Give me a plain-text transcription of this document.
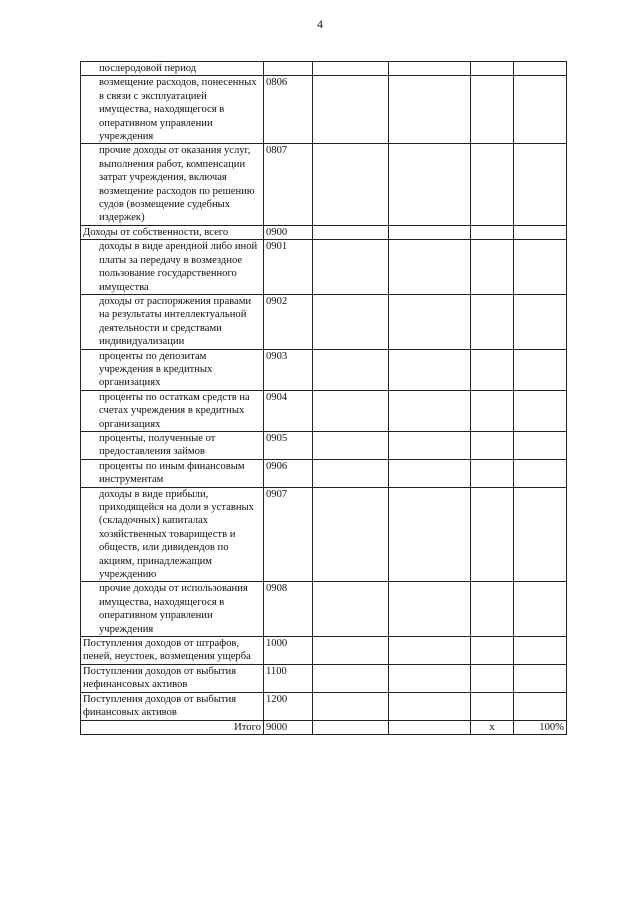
4
послеродовой период					
возмещение расходов, понесенных в связи с эксплуатацией имущества, находящегося в оперативном управлении учреждения	0806				
прочие доходы от оказания услуг, выполнения работ, компенсации затрат учреждения, включая возмещение расходов по решению судов (возмещение судебных издержек)	0807				
Доходы от собственности, всего	0900				
доходы в виде арендной либо иной платы за передачу в возмездное пользование государственного имущества	0901				
доходы от распоряжения правами на результаты интеллектуальной деятельности и средствами индивидуализации	0902				
проценты по депозитам учреждения в кредитных организациях	0903				
проценты по остаткам средств на счетах учреждения в кредитных организациях	0904				
проценты, полученные от предоставления займов	0905				
проценты по иным финансовым инструментам	0906				
доходы в виде прибыли, приходящейся на доли в уставных (складочных) капиталах хозяйственных товариществ и обществ, или дивидендов по акциям, принадлежащим учреждению	0907				
прочие доходы от использования имущества, находящегося в оперативном управлении учреждения	0908				
Поступления доходов от штрафов, пеней, неустоек, возмещения ущерба	1000				
Поступления доходов от выбытия нефинансовых активов	1100				
Поступления доходов от выбытия финансовых активов	1200				
Итого	9000			х	100%
